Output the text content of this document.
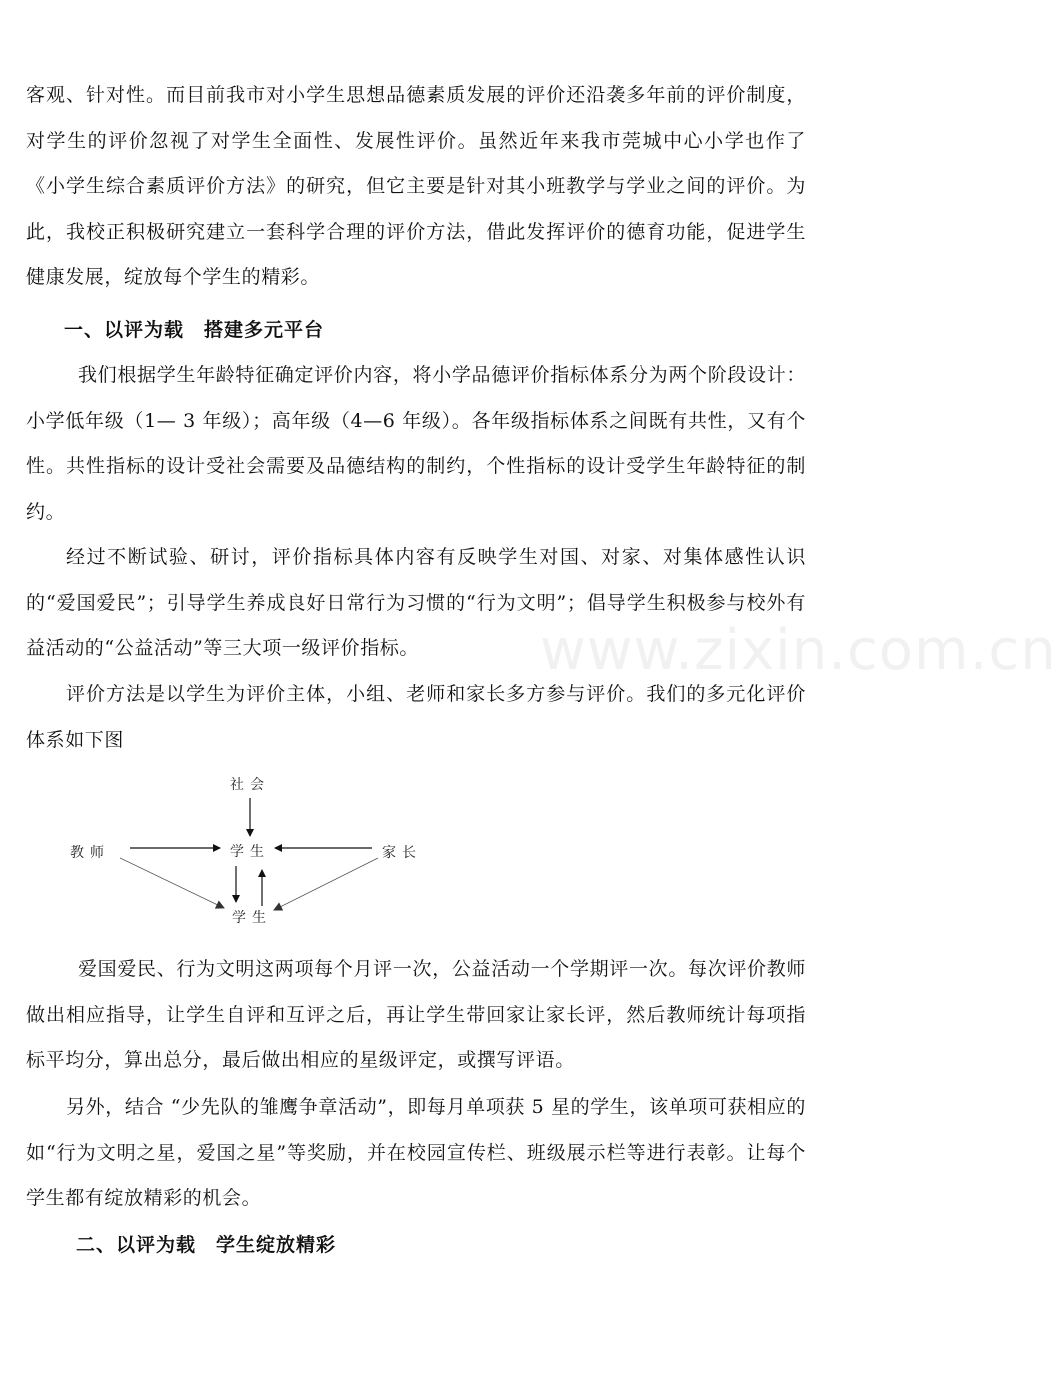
www.zixin.com.cn

客观、针对性。而目前我市对小学生思想品德素质发展的评价还沿袭多年前的评价制度，对学生的评价忽视了对学生全面性、发展性评价。虽然近年来我市莞城中心小学也作了《小学生综合素质评价方法》的研究，但它主要是针对其小班教学与学业之间的评价。为此，我校正积极研究建立一套科学合理的评价方法，借此发挥评价的德育功能，促进学生健康发展，绽放每个学生的精彩。

一、以评为载　搭建多元平台

我们根据学生年龄特征确定评价内容，将小学品德评价指标体系分为两个阶段设计：小学低年级（1— 3 年级）；高年级（4—6 年级）。各年级指标体系之间既有共性，又有个性。共性指标的设计受社会需要及品德结构的制约，个性指标的设计受学生年龄特征的制约。

经过不断试验、研讨，评价指标具体内容有反映学生对国、对家、对集体感性认识的“爱国爱民”；引导学生养成良好日常行为习惯的“行为文明”；倡导学生积极参与校外有益活动的“公益活动”等三大项一级评价指标。

评价方法是以学生为评价主体，小组、老师和家长多方参与评价。我们的多元化评价体系如下图

社会
教师	学生	家长
学生

爱国爱民、行为文明这两项每个月评一次，公益活动一个学期评一次。每次评价教师做出相应指导，让学生自评和互评之后，再让学生带回家让家长评，然后教师统计每项指标平均分，算出总分，最后做出相应的星级评定，或撰写评语。

另外，结合 “少先队的雏鹰争章活动”，即每月单项获 5 星的学生，该单项可获相应的如“行为文明之星，爱国之星”等奖励，并在校园宣传栏、班级展示栏等进行表彰。让每个学生都有绽放精彩的机会。

二、以评为载　学生绽放精彩
